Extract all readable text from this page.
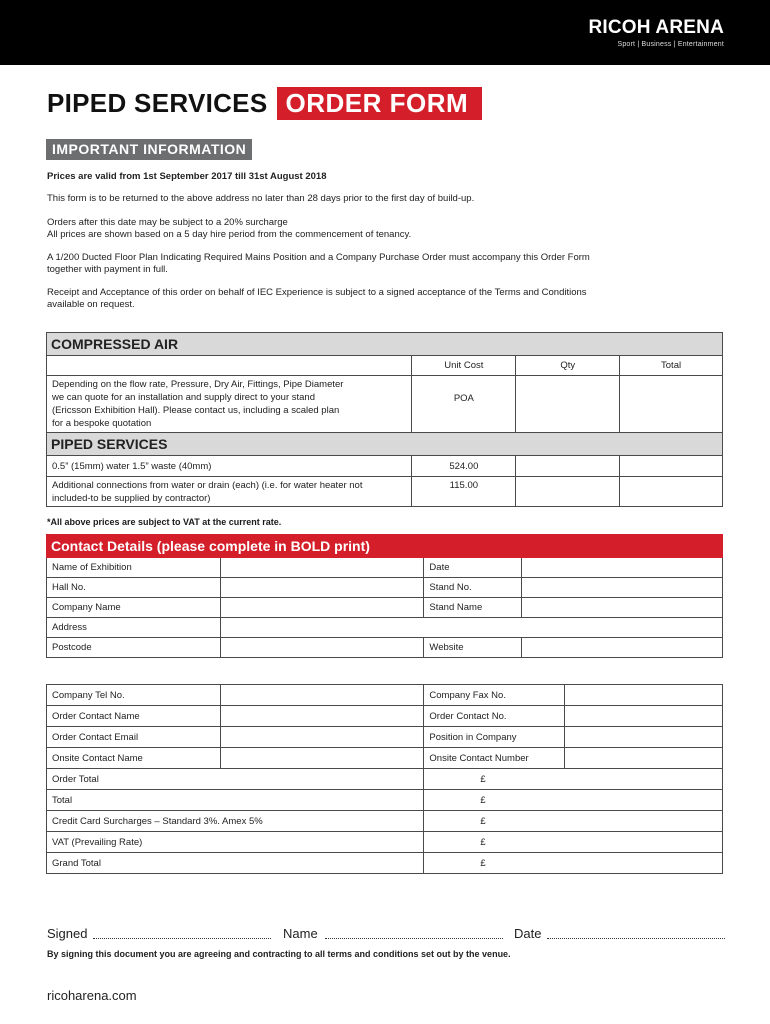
RICOH ARENA
Sport | Business | Entertainment
PIPED SERVICES ORDER FORM
IMPORTANT INFORMATION

Prices are valid from 1st September 2017 till 31st August 2018

This form is to be returned to the above address no later than 28 days prior to the first day of build-up.

Orders after this date may be subject to a 20% surcharge

All prices are shown based on a 5 day hire period from the commencement of tenancy.

A 1/200 Ducted Floor Plan Indicating Required Mains Position and a Company Purchase Order must accompany this Order Form

together with payment in full.

Receipt and Acceptance of this order on behalf of IEC Experience is subject to a signed acceptance of the Terms and Conditions

available on request.

COMPRESSED AIR			
	Unit Cost	Qty	Total

Depending on the flow rate, Pressure, Dry Air, Fittings, Pipe Diameter
we can quote for an installation and supply direct to your stand
(Ericsson Exhibition Hall). Please contact us, including a scaled plan
for a bespoke quotation	POA		
PIPED SERVICES			
0.5” (15mm) water 1.5” waste (40mm)	524.00		

Additional connections from water or drain (each) (i.e. for water heater not
included-to be supplied by contractor)	115.00		
*All above prices are subject to VAT at the current rate.
Contact Details (please complete in BOLD print)			
Name of Exhibition		Date	
Hall No.		Stand No.	
Company Name		Stand Name	
Address			
Postcode		Website	
Company Tel No.		Company Fax No.	
Order Contact Name		Order Contact No.	
Order Contact Email		Position in Company	
Onsite Contact Name		Onsite Contact Number	
Order Total		£	
Total		£	
Credit Card Surcharges – Standard 3%. Amex 5%		£	
VAT (Prevailing Rate)		£	
Grand Total		£	
Signed	Name	Date
By signing this document you are agreeing and contracting to all terms and conditions set out by the venue.
ricoharena.com
